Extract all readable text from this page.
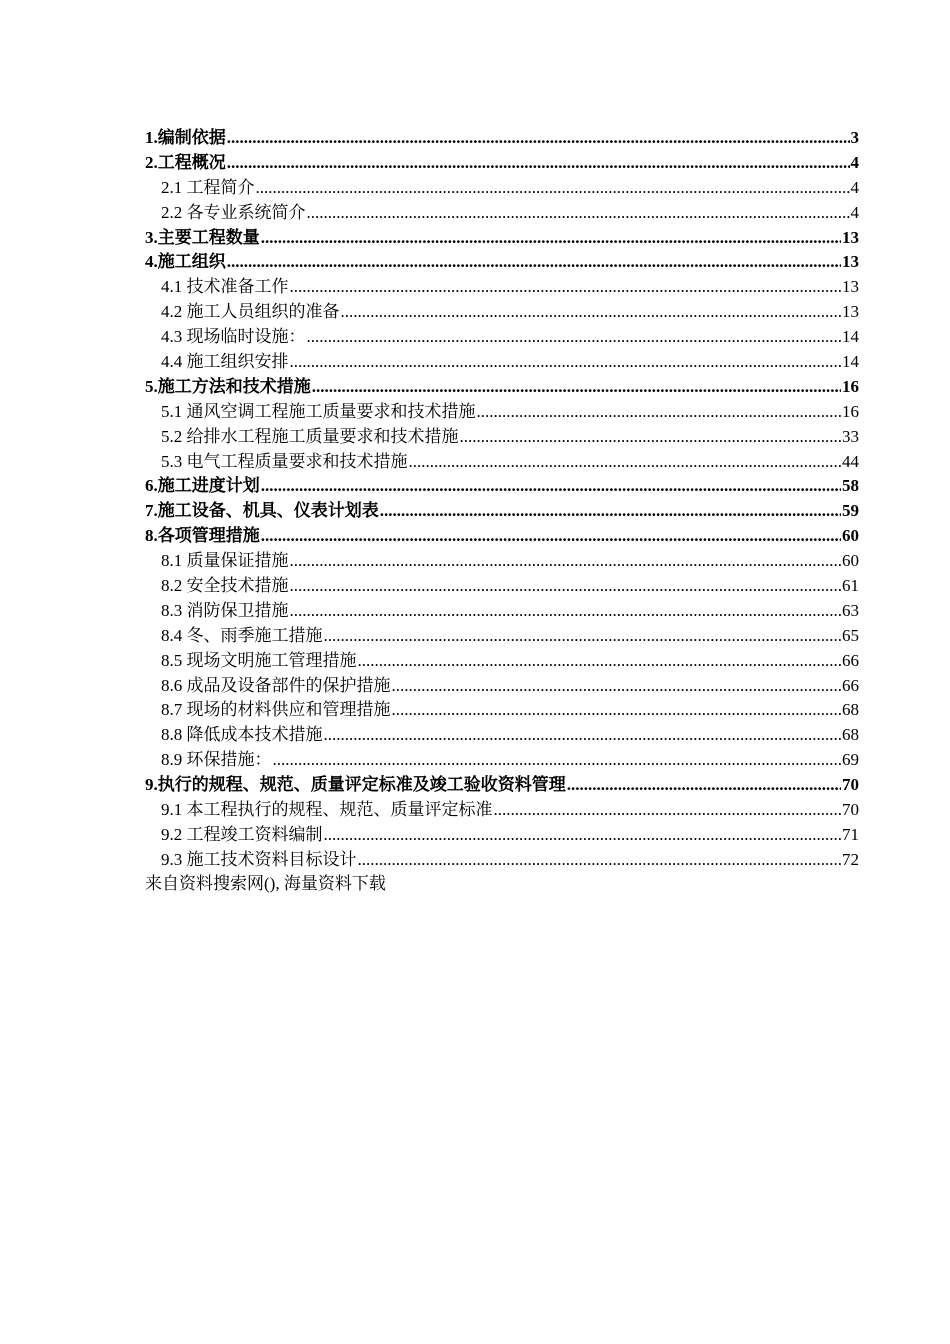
1.编制依据 .....	3
2.工程概况 .....	4
2.1 工程简介 .....	4
2.2 各专业系统简介 .....	4
3.主要工程数量 .....	13
4.施工组织 .....	13
4.1 技术准备工作 .....	13
4.2 施工人员组织的准备 .....	13
4.3 现场临时设施： .....	14
4.4 施工组织安排 .....	14
5.施工方法和技术措施 .....	16
5.1 通风空调工程施工质量要求和技术措施 .....	16
5.2 给排水工程施工质量要求和技术措施 .....	33
5.3 电气工程质量要求和技术措施 .....	44
6.施工进度计划 .....	58
7.施工设备、机具、仪表计划表 .....	59
8.各项管理措施 .....	60
8.1 质量保证措施 .....	60
8.2 安全技术措施 .....	61
8.3 消防保卫措施 .....	63
8.4 冬、雨季施工措施 .....	65
8.5 现场文明施工管理措施 .....	66
8.6 成品及设备部件的保护措施 .....	66
8.7 现场的材料供应和管理措施 .....	68
8.8 降低成本技术措施 .....	68
8.9 环保措施： .....	69
9.执行的规程、规范、质量评定标准及竣工验收资料管理 .....	70
9.1 本工程执行的规程、规范、质量评定标准 .....	70
9.2 工程竣工资料编制 .....	71
9.3 施工技术资料目标设计 .....	72
来自资料搜索网(), 海量资料下载
